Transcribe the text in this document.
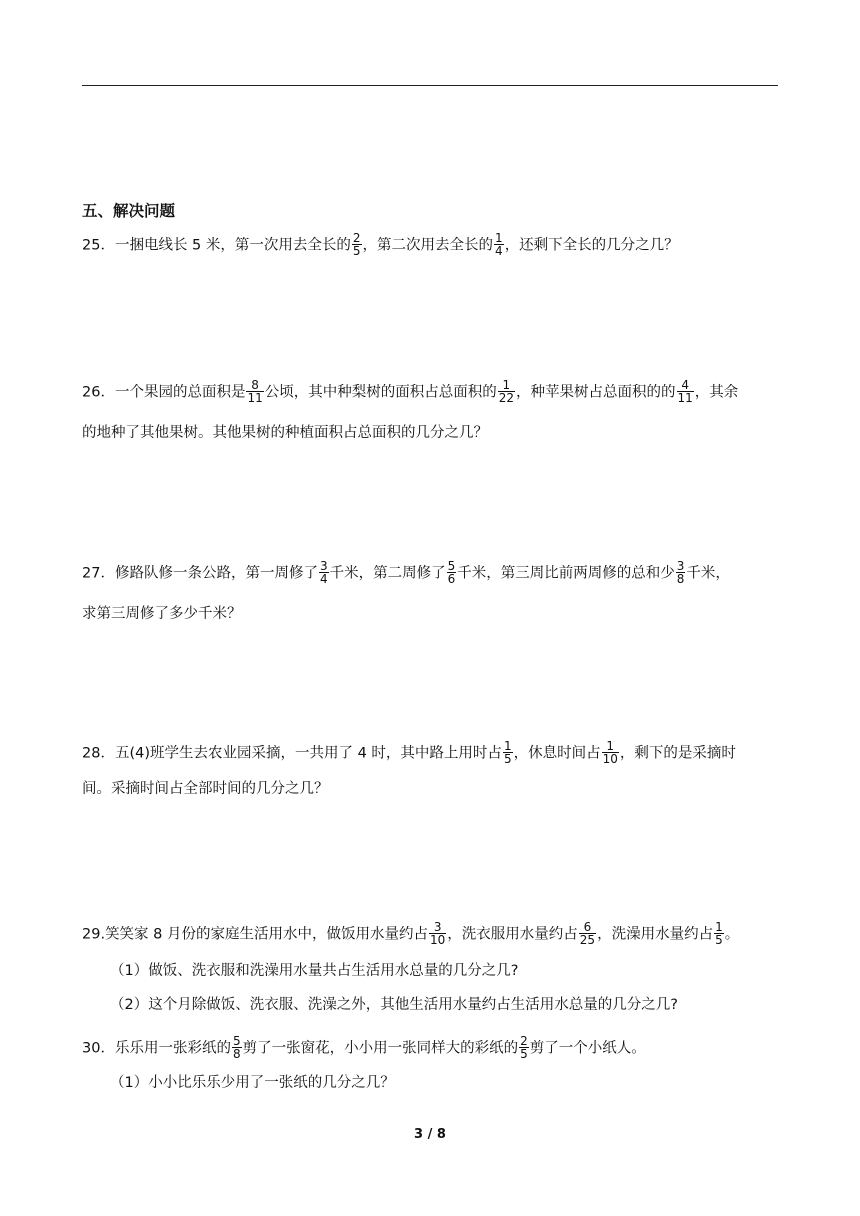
五、解决问题
25．一捆电线长 5 米，第一次用去全长的 $\frac{2}{5}$ ，第二次用去全长的 $\frac{1}{4}$ ，还剩下全长的几分之几？
26．一个果园的总面积是 $\frac{8}{11}$ 公顷，其中种梨树的面积占总面积的 $\frac{1}{22}$ ，种苹果树占总面积的的 $\frac{4}{11}$ ，其余
的地种了其他果树。其他果树的种植面积占总面积的几分之几？
27．修路队修一条公路，第一周修了 $\frac{3}{4}$ 千米，第二周修了 $\frac{5}{6}$ 千米，第三周比前两周修的总和少 $\frac{3}{8}$ 千米，
求第三周修了多少千米？
28．五(4)班学生去农业园采摘，一共用了 4 时，其中路上用时占 $\frac{1}{5}$ ，休息时间占 $\frac{1}{10}$ ，剩下的是采摘时
间。采摘时间占全部时间的几分之几？
29.笑笑家 8 月份的家庭生活用水中，做饭用水量约占 $\frac{3}{10}$ ，洗衣服用水量约占 $\frac{6}{25}$ ，洗澡用水量约占 $\frac{1}{5}$ 。
（1）做饭、洗衣服和洗澡用水量共占生活用水总量的几分之几?
（2）这个月除做饭、洗衣服、洗澡之外，其他生活用水量约占生活用水总量的几分之几?
30．乐乐用一张彩纸的 $\frac{5}{8}$ 剪了一张窗花，小小用一张同样大的彩纸的 $\frac{2}{5}$ 剪了一个小纸人。
（1）小小比乐乐少用了一张纸的几分之几？
3 / 8
